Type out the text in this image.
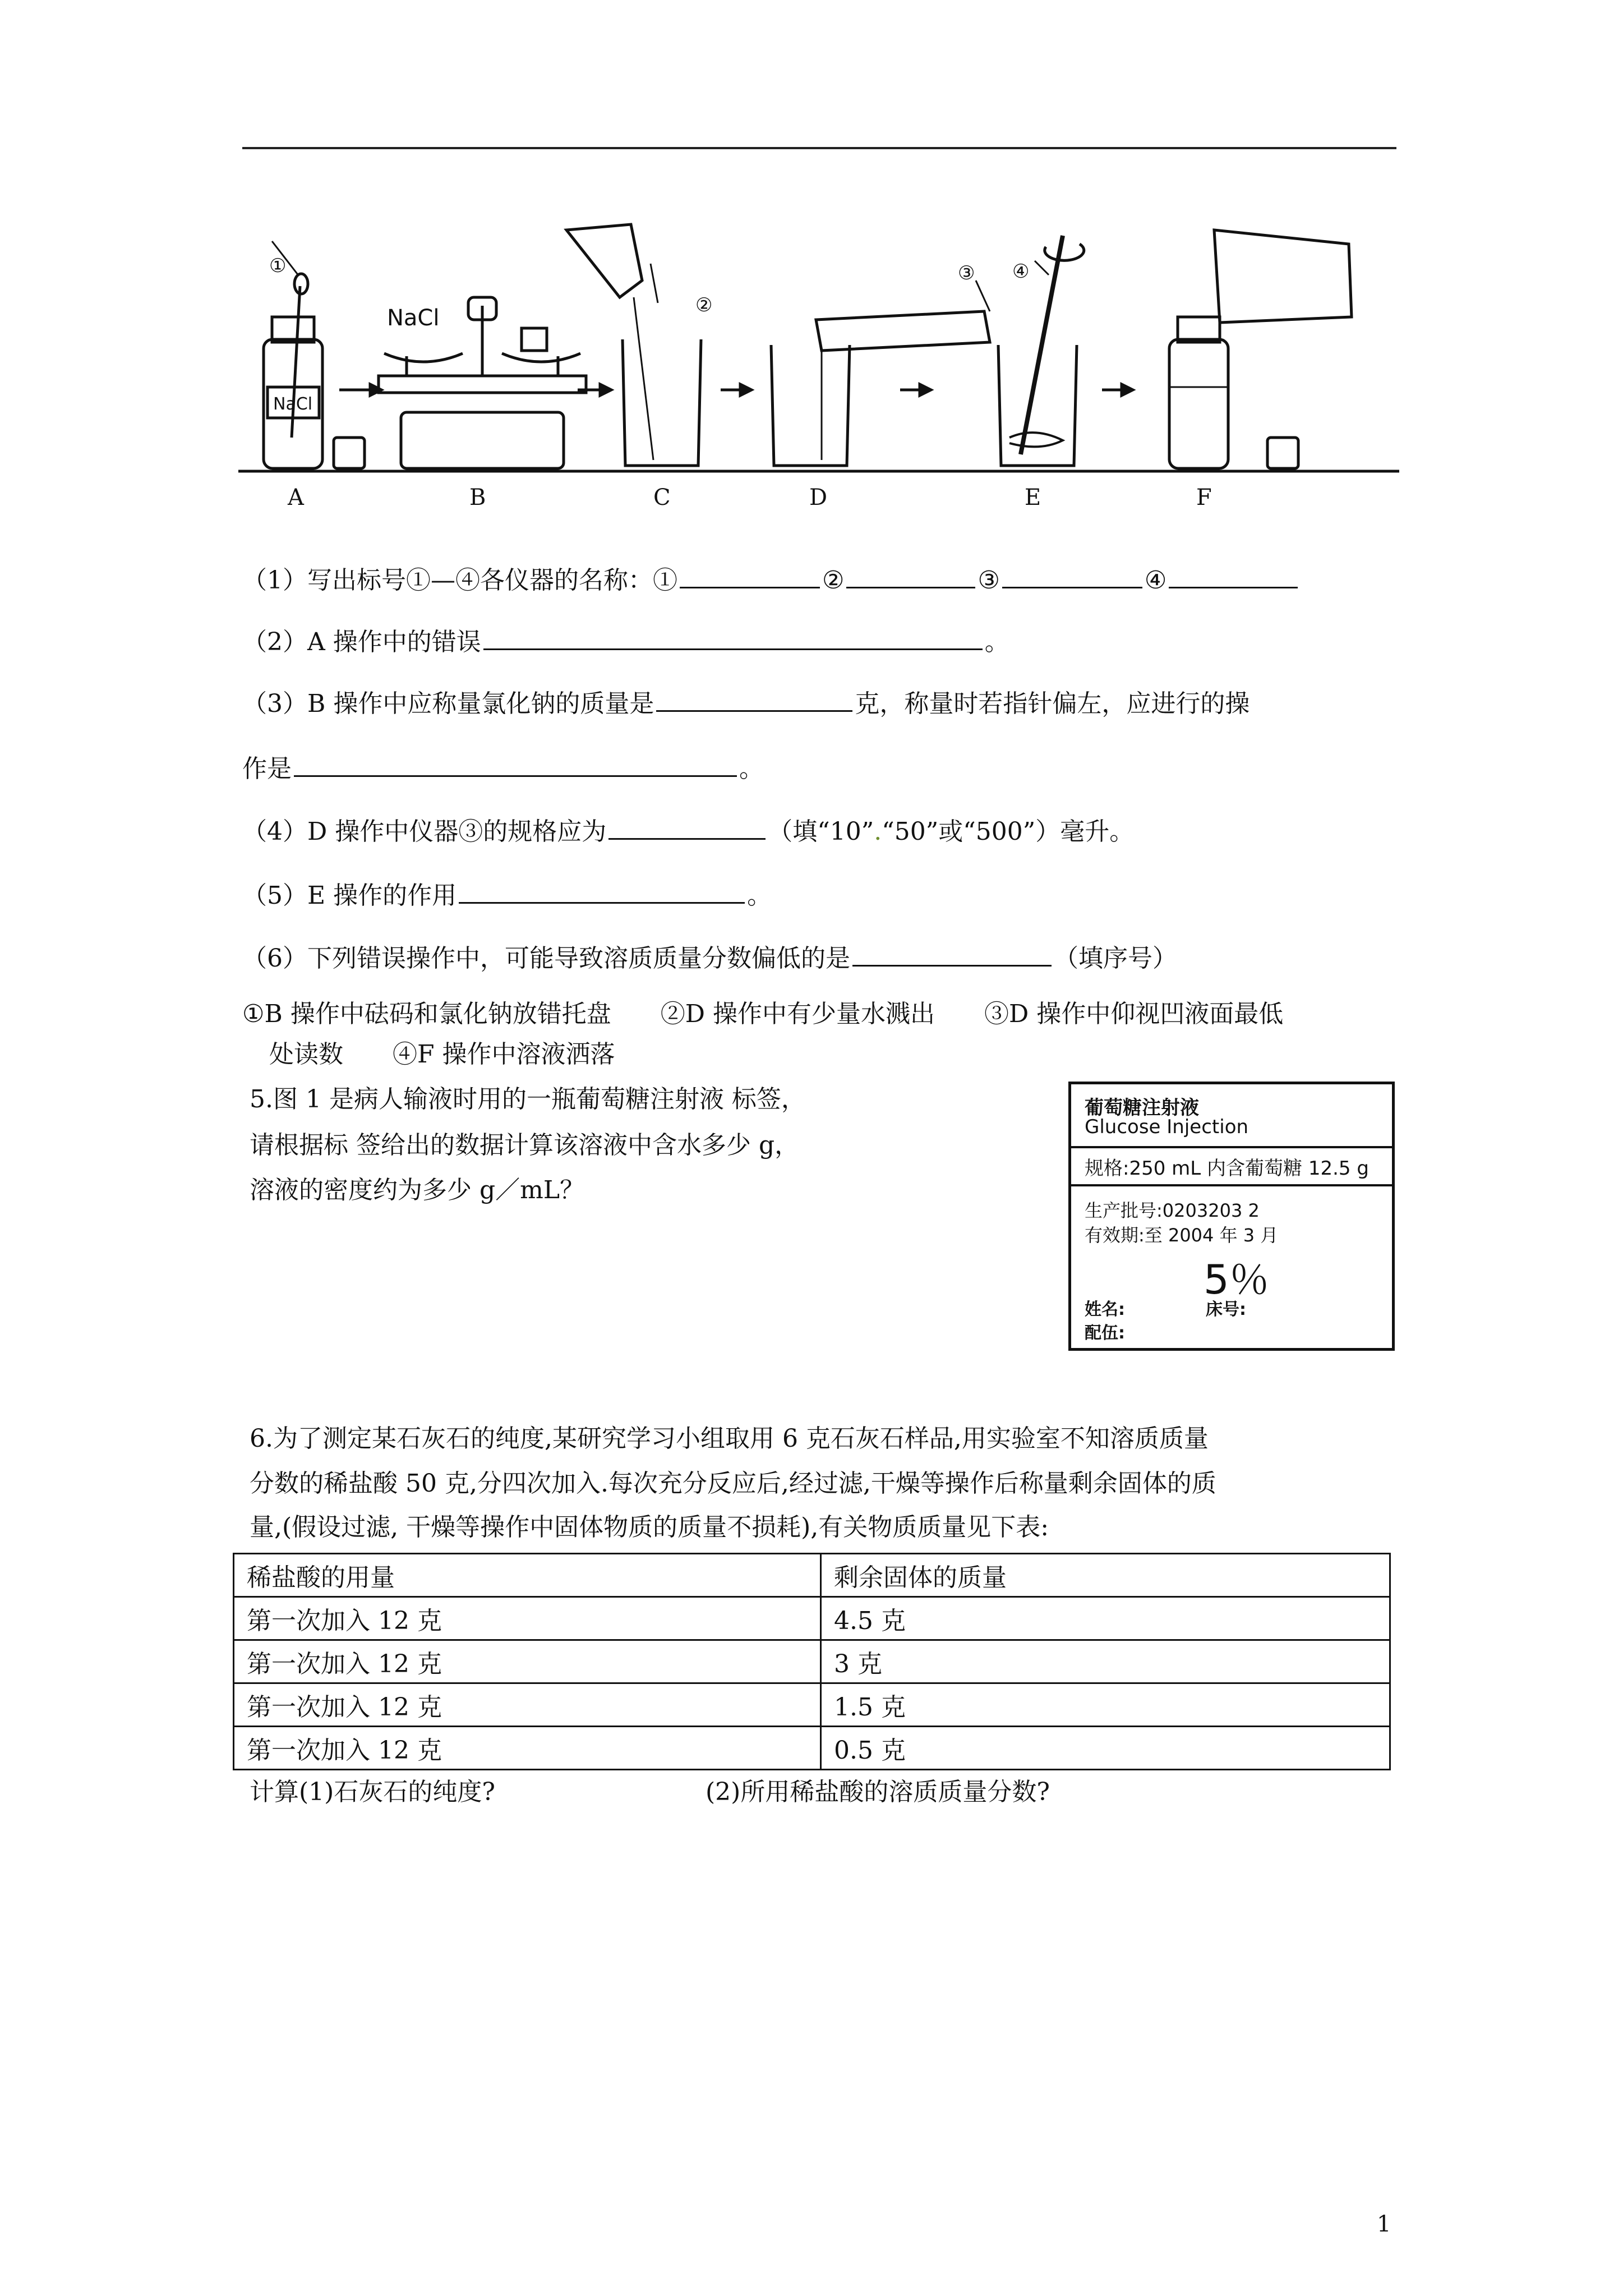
①
②
③ ④
NaCl
NaCl
A	B	C	D	E	F
（1）写出标号①—④各仪器的名称：①	②	③	④
（2）A 操作中的错误	。
（3）B 操作中应称量氯化钠的质量是	克，称量时若指针偏左，应进行的操
作是	。
（4）D 操作中仪器③的规格应为	（填“10”.“50”或“500”）毫升。
（5）E 操作的作用	。
（6）下列错误操作中，可能导致溶质质量分数偏低的是	（填序号）
①B 操作中砝码和氯化钠放错托盘　　②D 操作中有少量水溅出　　③D 操作中仰视凹液面最低
处读数　　④F 操作中溶液洒落
5.图 1 是病人输液时用的一瓶葡萄糖注射液 标签，
请根据标 签给出的数据计算该溶液中含水多少 g，
溶液的密度约为多少 g／mL？
葡萄糖注射液
Glucose Injection
规格:250 mL 内含葡萄糖 12.5 g
生产批号:0203203 2
有效期:至 2004 年 3 月
5％
姓名:	床号:
配伍:
6.为了测定某石灰石的纯度,某研究学习小组取用 6 克石灰石样品,用实验室不知溶质质量
分数的稀盐酸 50 克,分四次加入.每次充分反应后,经过滤,干燥等操作后称量剩余固体的质
量,(假设过滤, 干燥等操作中固体物质的质量不损耗),有关物质质量见下表:
稀盐酸的用量	剩余固体的质量
第一次加入 12 克	4.5 克
第一次加入 12 克	3 克
第一次加入 12 克	1.5 克
第一次加入 12 克	0.5 克
计算(1)石灰石的纯度?	(2)所用稀盐酸的溶质质量分数?
1
